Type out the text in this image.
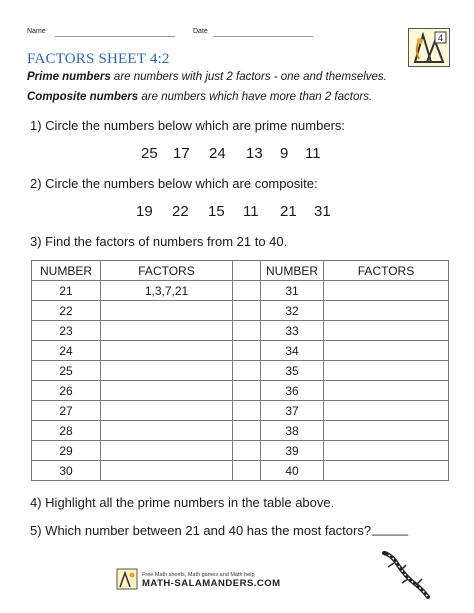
Name	Date
4
FACTORS SHEET 4:2
Prime numbers are numbers with just 2 factors - one and themselves.
Composite numbers are numbers which have more than 2 factors.
1) Circle the numbers below which are prime numbers:
25 17 24 13 9 11
2) Circle the numbers below which are composite:
19 22 15 11 21 31
3) Find the factors of numbers from 21 to 40.
NUMBER	FACTORS		NUMBER	FACTORS
21	1,3,7,21		31	
22			32	
23			33	
24			34	
25			35	
26			36	
27			37	
28			38	
29			39	
30			40	
4) Highlight all the prime numbers in the table above.
5) Which number between 21 and 40 has the most factors? _____
Free Math sheets, Math games and Math help
MATH-SALAMANDERS.COM
